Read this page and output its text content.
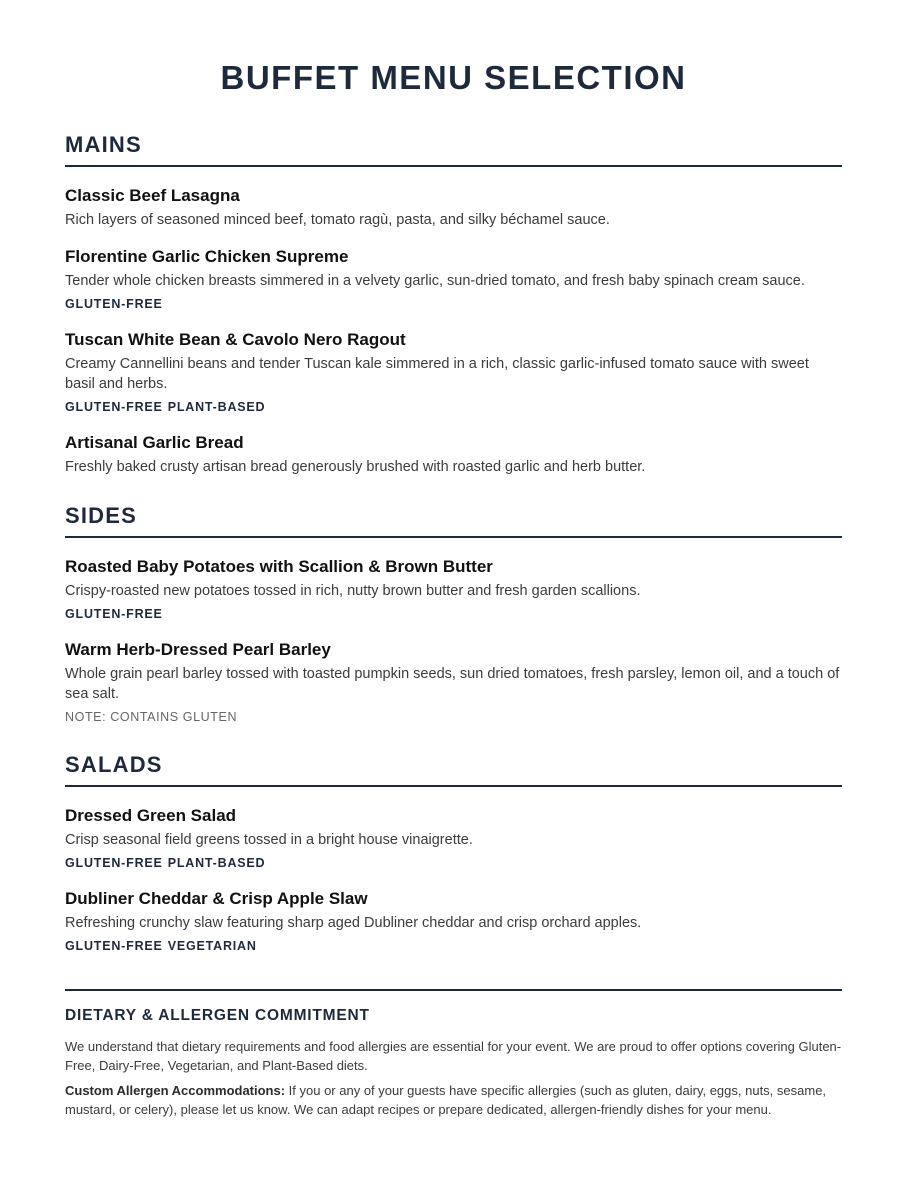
BUFFET MENU SELECTION
MAINS
Classic Beef Lasagna

Rich layers of seasoned minced beef, tomato ragù, pasta, and silky béchamel sauce.

Florentine Garlic Chicken Supreme

Tender whole chicken breasts simmered in a velvety garlic, sun-dried tomato, and fresh baby spinach cream sauce.

GLUTEN-FREE
Tuscan White Bean & Cavolo Nero Ragout

Creamy Cannellini beans and tender Tuscan kale simmered in a rich, classic garlic-infused tomato sauce with sweet basil and herbs.

GLUTEN-FREE PLANT-BASED
Artisanal Garlic Bread

Freshly baked crusty artisan bread generously brushed with roasted garlic and herb butter.

SIDES
Roasted Baby Potatoes with Scallion & Brown Butter

Crispy-roasted new potatoes tossed in rich, nutty brown butter and fresh garden scallions.

GLUTEN-FREE
Warm Herb-Dressed Pearl Barley

Whole grain pearl barley tossed with toasted pumpkin seeds, sun dried tomatoes, fresh parsley, lemon oil, and a touch of sea salt.

NOTE: CONTAINS GLUTEN
SALADS
Dressed Green Salad

Crisp seasonal field greens tossed in a bright house vinaigrette.

GLUTEN-FREE PLANT-BASED
Dubliner Cheddar & Crisp Apple Slaw

Refreshing crunchy slaw featuring sharp aged Dubliner cheddar and crisp orchard apples.

GLUTEN-FREE VEGETARIAN
DIETARY & ALLERGEN COMMITMENT

We understand that dietary requirements and food allergies are essential for your event. We are proud to offer options covering Gluten-Free, Dairy-Free, Vegetarian, and Plant-Based diets.

Custom Allergen Accommodations: If you or any of your guests have specific allergies (such as gluten, dairy, eggs, nuts, sesame, mustard, or celery), please let us know. We can adapt recipes or prepare dedicated, allergen-friendly dishes for your menu.
